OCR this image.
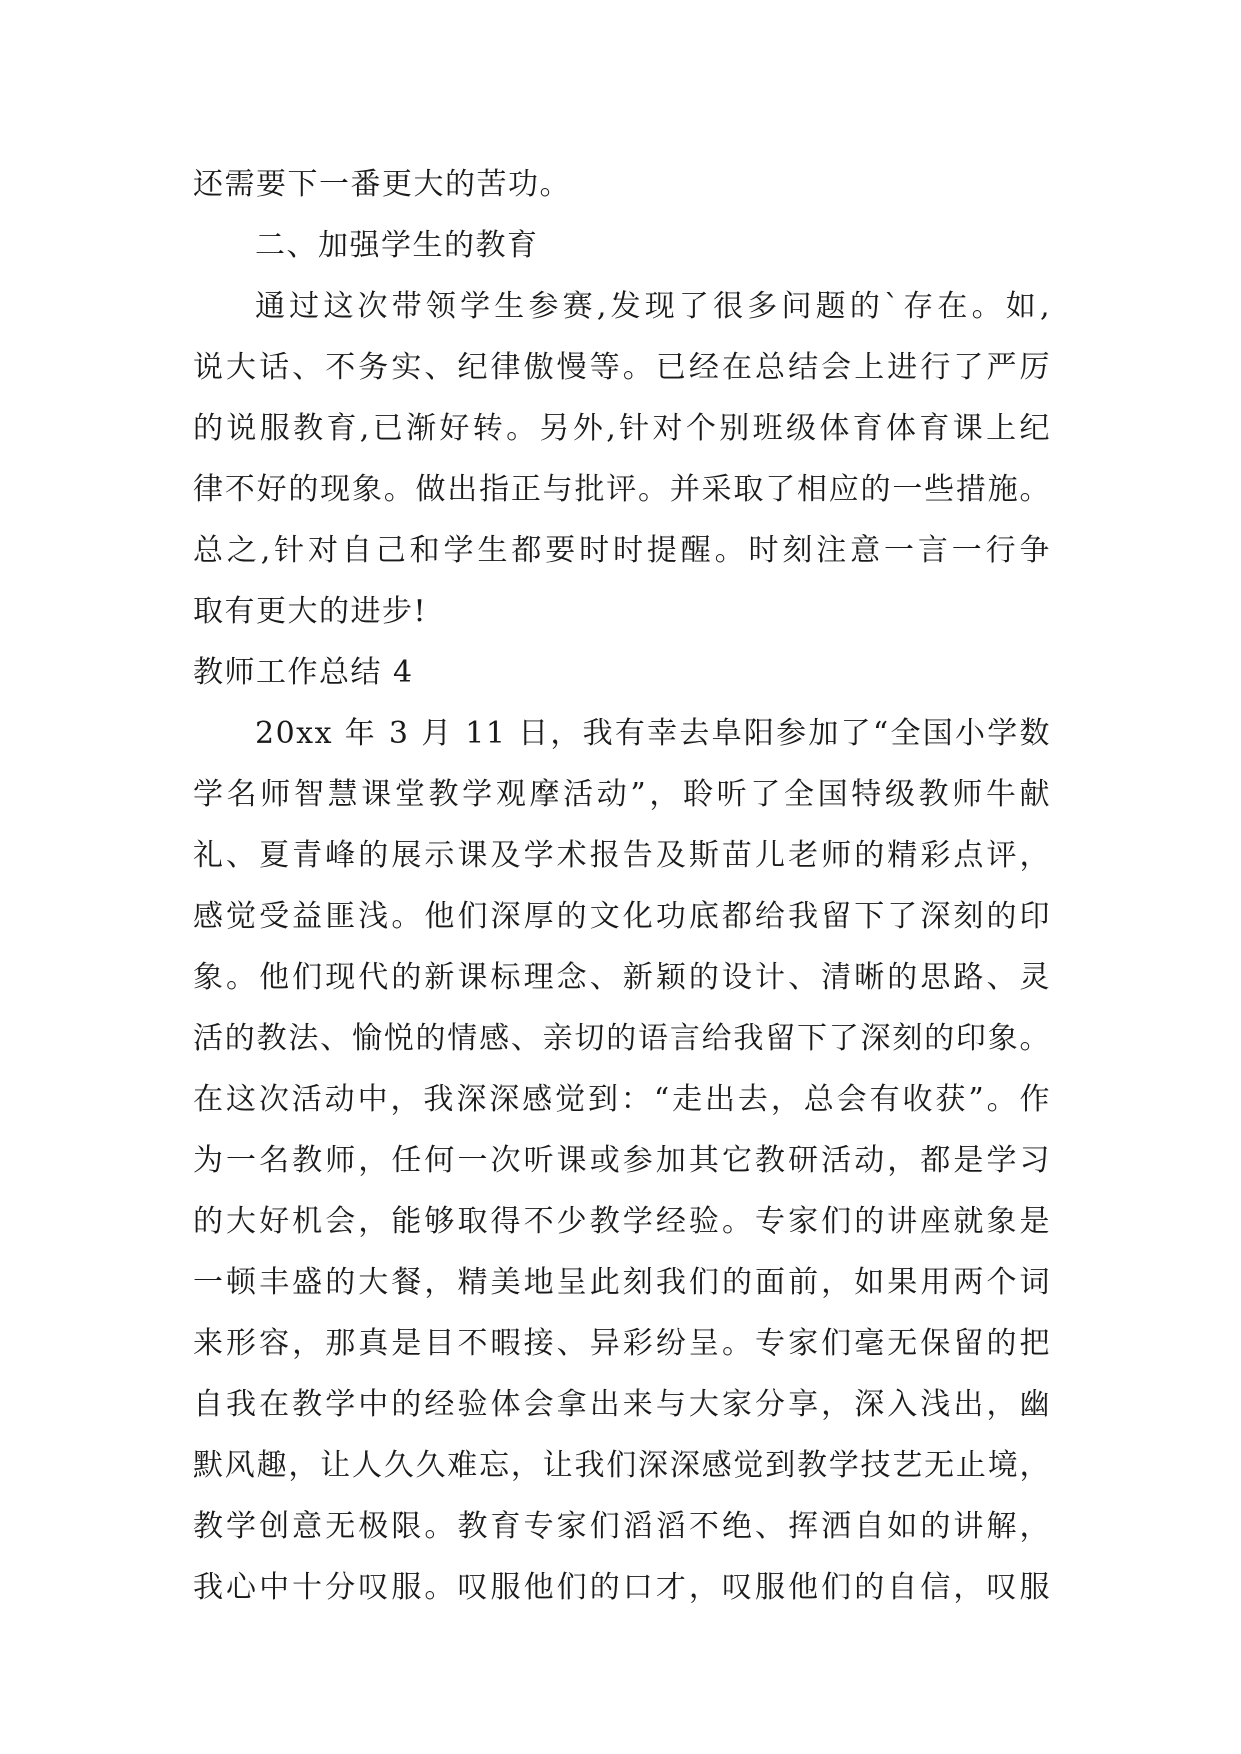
还需要下一番更大的苦功。
二、加强学生的教育
通过这次带领学生参赛,发现了很多问题的`存在。如,
说大话、不务实、纪律傲慢等。已经在总结会上进行了严厉
的说服教育,已渐好转。另外,针对个别班级体育体育课上纪
律不好的现象。做出指正与批评。并采取了相应的一些措施。
总之,针对自己和学生都要时时提醒。时刻注意一言一行争
取有更大的进步!
教师工作总结 4
20xx 年 3 月 11 日，我有幸去阜阳参加了“全国小学数
学名师智慧课堂教学观摩活动”，聆听了全国特级教师牛献
礼、夏青峰的展示课及学术报告及斯苗儿老师的精彩点评，
感觉受益匪浅。他们深厚的文化功底都给我留下了深刻的印
象。他们现代的新课标理念、新颖的设计、清晰的思路、灵
活的教法、愉悦的情感、亲切的语言给我留下了深刻的印象。
在这次活动中，我深深感觉到：“走出去，总会有收获”。作
为一名教师，任何一次听课或参加其它教研活动，都是学习
的大好机会，能够取得不少教学经验。专家们的讲座就象是
一顿丰盛的大餐，精美地呈此刻我们的面前，如果用两个词
来形容，那真是目不暇接、异彩纷呈。专家们毫无保留的把
自我在教学中的经验体会拿出来与大家分享，深入浅出，幽
默风趣，让人久久难忘，让我们深深感觉到教学技艺无止境，
教学创意无极限。教育专家们滔滔不绝、挥洒自如的讲解，
我心中十分叹服。叹服他们的口才，叹服他们的自信，叹服
